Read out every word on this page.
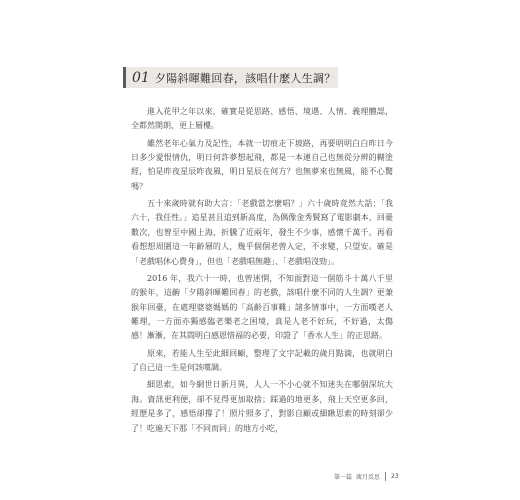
01 夕陽斜暉難回春，該唱什麼人生調？

進入花甲之年以來，確實是從思路、感悟、境遇、人情、義理體認，全都然開朗，更上層樓。

雖然老年心氣力及記性，本就一切痕走下坡路，再要明明白白昨日今日多少愛恨情仇，明日何許夢想起飛，都是一本連自己也無從分辨的糊塗經，怕是昨夜星辰昨夜風，明日星辰在何方？也無夢來也無風，能不心驚嗎？

五十來歲時就有助大言：「老戲當怎麼唱？」六十歲時竟然大話：「我六十，我任性。」追星甚且追到新高度，為偶像金秀賢寫了電影劇本，回臺數次，也曾至中國上海，折騰了近兩年，發生不少事，感懷千萬千。再看看想想周圍這一年齡層的人，幾乎個個老曾入定，不求變，只望安。確是「老戲唱休心費身」，但也「老戲唱無趣」、「老戲唱沒勁」。

2016 年，我六十一時，也曾迷惘，不知面對這一個筋斗十萬八千里的猴年，這齣「夕陽斜暉難回春」的老戲，該唱什麼不同的人生調？更兼猴年回臺，在處理婆婆媽媽的「高齡百事難」諸多情事中，一方面嘆老人難理，一方面亦獨感臨老樂老之困境，真是人老不好玩，不好過，太傷感！漸漸，在其間明白感恩惜福的必要，印證了「香水人生」的正思路。

原來，若能人生至此細回顧，整理了文字記載的歲月點滴，也就明白了自己這一生是何該嘆調。

細思索，如今網世日新月異，人人一不小心就不知迷失在哪個深坑大海。資訊更利便，卻不見得更加取捨；踩過的地更多，飛上天空更多回，經歷是多了，感悟卻撐了！照片照多了，對影自顧或細瞅思索的時刻卻少了！吃遍天下那「不同而同」的地方小吃，

第一篇 歲月反思 23
